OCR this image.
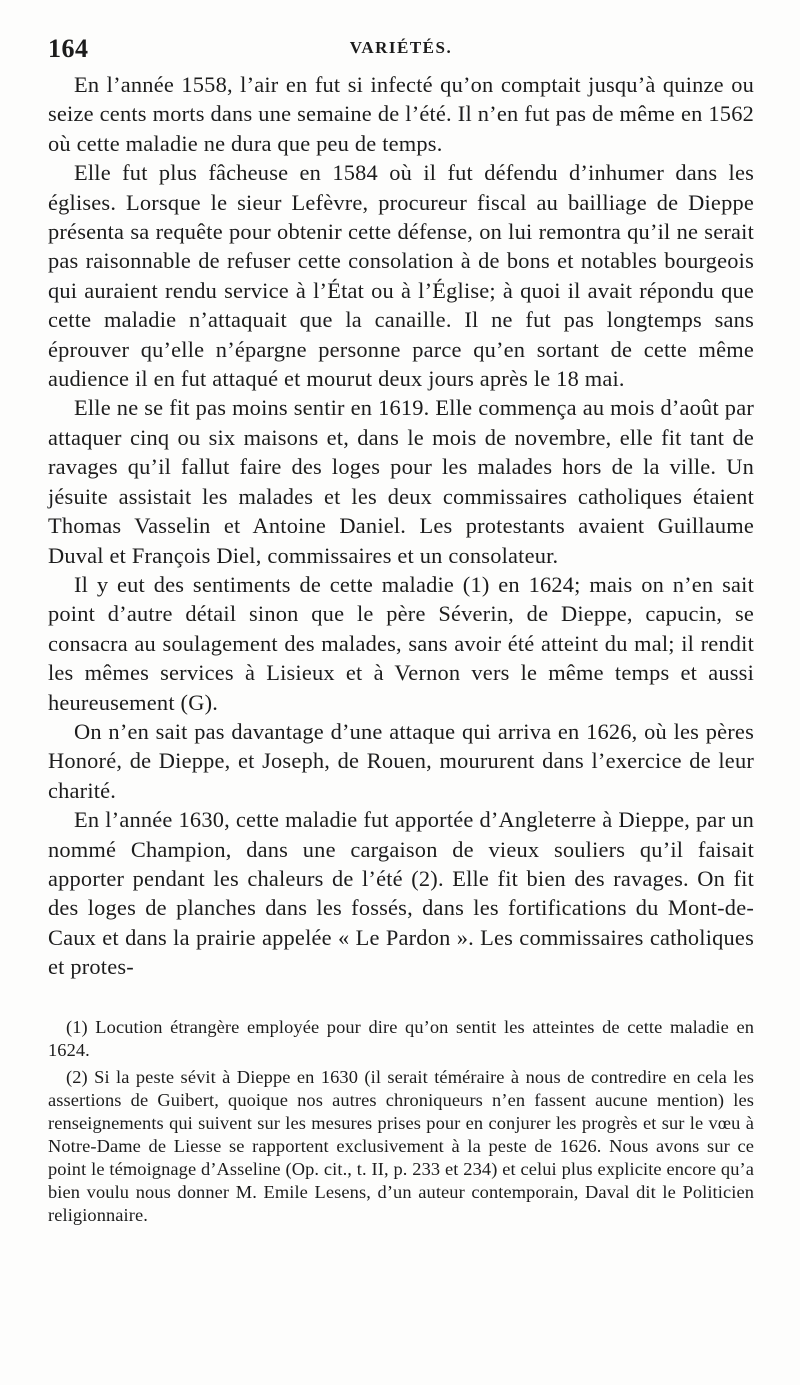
164	VARIÉTÉS.

En l’année 1558, l’air en fut si infecté qu’on comptait jusqu’à quinze ou seize cents morts dans une semaine de l’été. Il n’en fut pas de même en 1562 où cette maladie ne dura que peu de temps.

Elle fut plus fâcheuse en 1584 où il fut défendu d’inhumer dans les églises. Lorsque le sieur Lefèvre, procureur fiscal au bailliage de Dieppe présenta sa requête pour obtenir cette défense, on lui remontra qu’il ne serait pas raisonnable de refuser cette consolation à de bons et notables bourgeois qui auraient rendu service à l’État ou à l’Église; à quoi il avait répondu que cette maladie n’attaquait que la canaille. Il ne fut pas longtemps sans éprouver qu’elle n’épargne personne parce qu’en sortant de cette même audience il en fut attaqué et mourut deux jours après le 18 mai.

Elle ne se fit pas moins sentir en 1619. Elle commença au mois d’août par attaquer cinq ou six maisons et, dans le mois de novembre, elle fit tant de ravages qu’il fallut faire des loges pour les malades hors de la ville. Un jésuite assistait les malades et les deux commissaires catholiques étaient Thomas Vasselin et Antoine Daniel. Les protestants avaient Guillaume Duval et François Diel, commissaires et un consolateur.

Il y eut des sentiments de cette maladie (1) en 1624; mais on n’en sait point d’autre détail sinon que le père Séverin, de Dieppe, capucin, se consacra au soulagement des malades, sans avoir été atteint du mal; il rendit les mêmes services à Lisieux et à Vernon vers le même temps et aussi heureusement (G).

On n’en sait pas davantage d’une attaque qui arriva en 1626, où les pères Honoré, de Dieppe, et Joseph, de Rouen, moururent dans l’exercice de leur charité.

En l’année 1630, cette maladie fut apportée d’Angleterre à Dieppe, par un nommé Champion, dans une cargaison de vieux souliers qu’il faisait apporter pendant les chaleurs de l’été (2). Elle fit bien des ravages. On fit des loges de planches dans les fossés, dans les fortifications du Mont-de-Caux et dans la prairie appelée « Le Pardon ». Les commissaires catholiques et protes-

(1) Locution étrangère employée pour dire qu’on sentit les atteintes de cette maladie en 1624.

(2) Si la peste sévit à Dieppe en 1630 (il serait téméraire à nous de contredire en cela les assertions de Guibert, quoique nos autres chroniqueurs n’en fassent aucune mention) les renseignements qui suivent sur les mesures prises pour en conjurer les progrès et sur le vœu à Notre-Dame de Liesse se rapportent exclusivement à la peste de 1626. Nous avons sur ce point le témoignage d’Asseline (Op. cit., t. II, p. 233 et 234) et celui plus explicite encore qu’a bien voulu nous donner M. Emile Lesens, d’un auteur contemporain, Daval dit le Politicien religionnaire.
